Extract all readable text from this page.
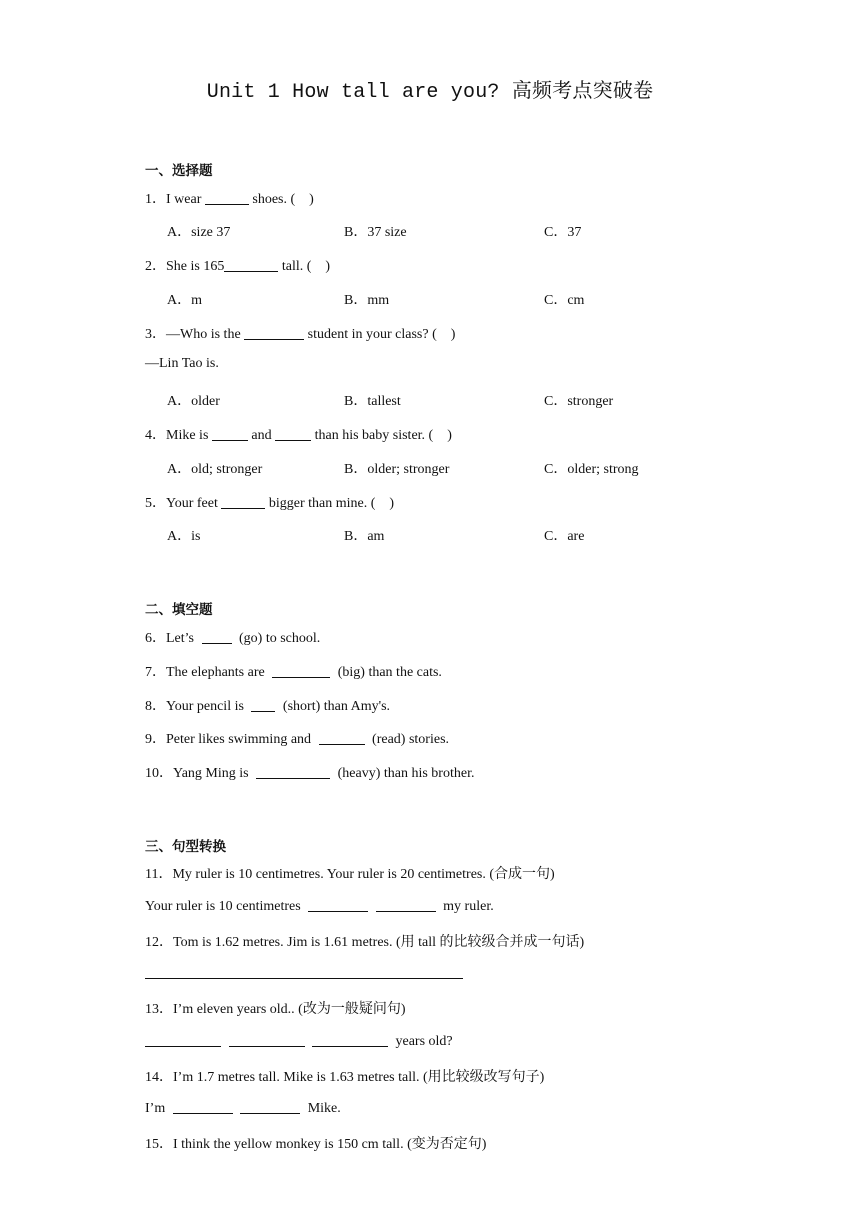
Unit 1 How tall are you? 高频考点突破卷
一、选择题
1．I wear	shoes. (　)
A．size 37	B．37 size	C．37
2．She is 165	tall. (　)
A．m	B．mm	C．cm
3．—Who is the	student in your class? (　)
—Lin Tao is.
A．older	B．tallest	C．stronger
4．Mike is	and	than his baby sister. (　)
A．old; stronger	B．older; stronger	C．older; strong
5．Your feet	bigger than mine. (　)
A．is	B．am	C．are
二、填空题
6．Let’s	(go) to school.
7．The elephants are	(big) than the cats.
8．Your pencil is	(short) than Amy's.
9．Peter likes swimming and	(read) stories.
10．Yang Ming is	(heavy) than his brother.
三、句型转换
11．My ruler is 10 centimetres. Your ruler is 20 centimetres. (合成一句)
Your ruler is 10 centimetres	my ruler.
12．Tom is 1.62 metres. Jim is 1.61 metres. (用 tall 的比较级合并成一句话)
13．I’m eleven years old.. (改为一般疑问句)
years old?
14．I’m 1.7 metres tall. Mike is 1.63 metres tall. (用比较级改写句子)
I’m	Mike.
15．I think the yellow monkey is 150 cm tall. (变为否定句)
